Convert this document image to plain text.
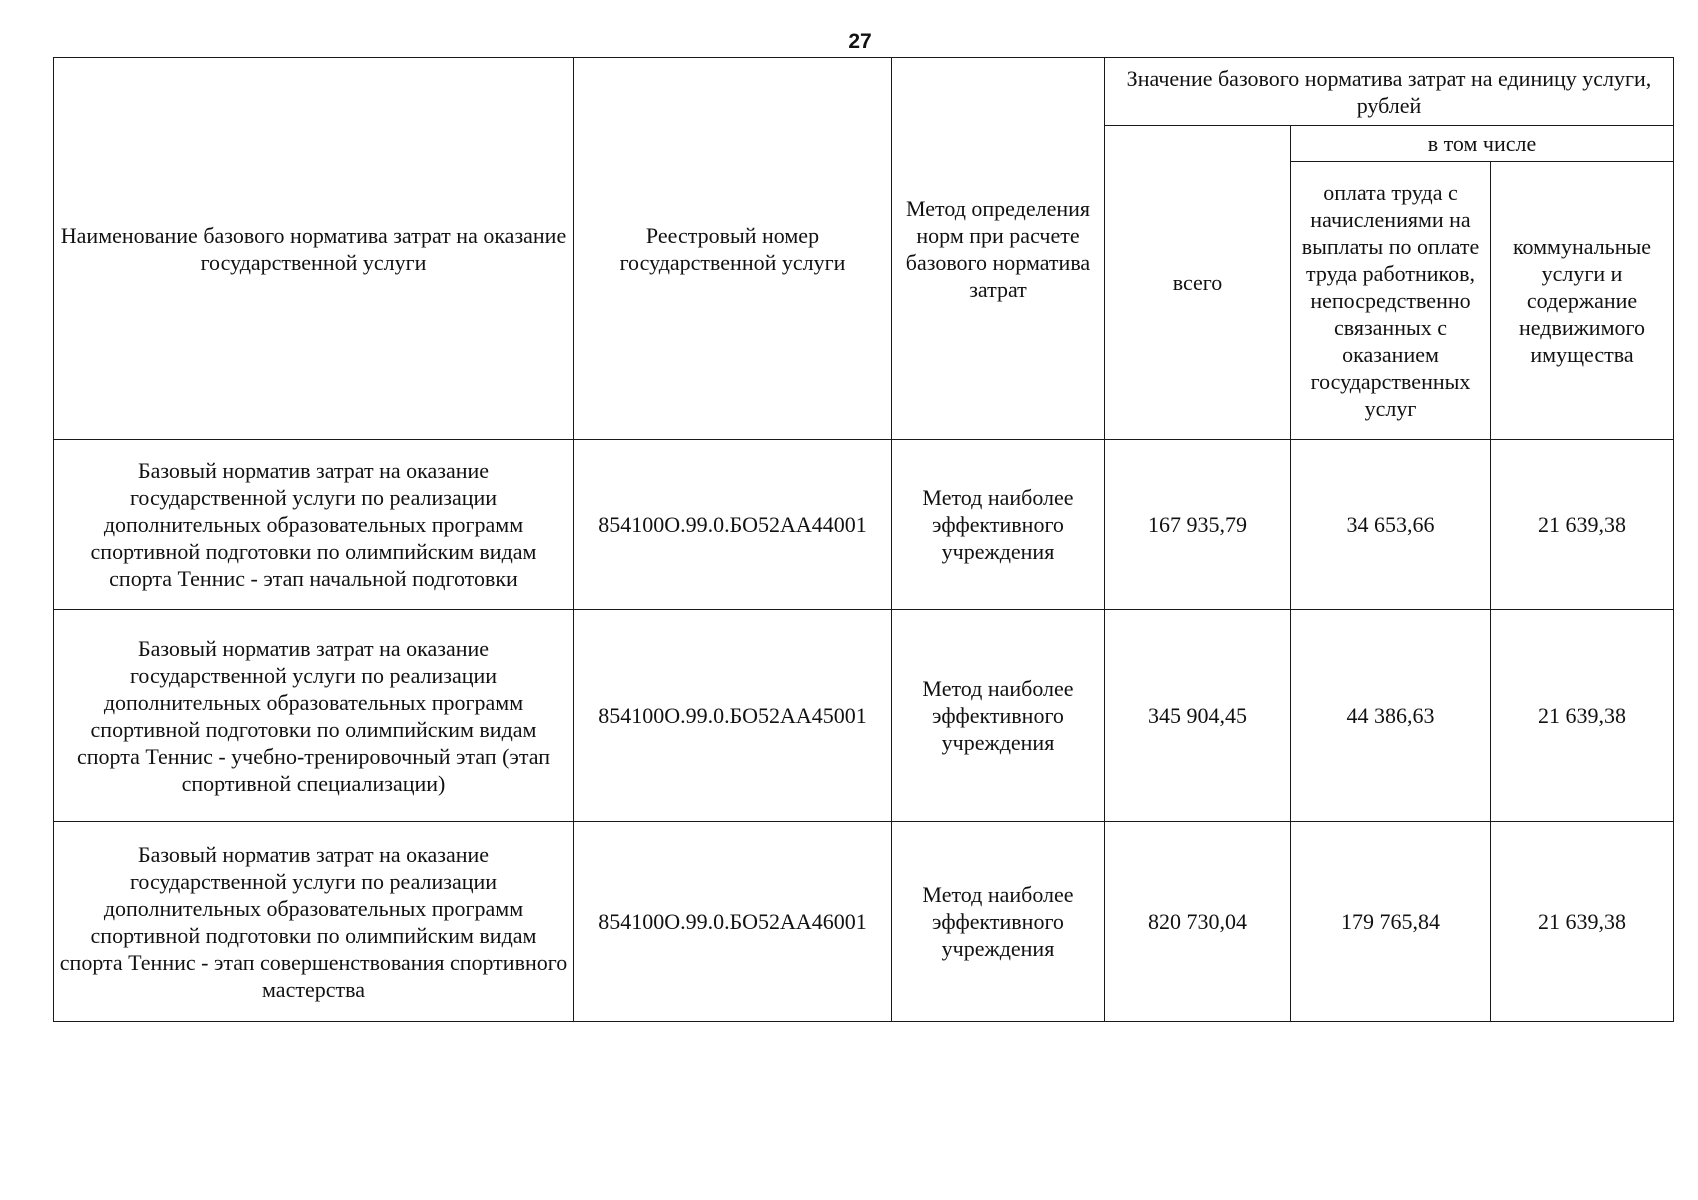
27
Наименование базового норматива затрат на оказание государственной услуги	Реестровый номер государственной услуги	Метод определения норм при расчете базового норматива затрат	Значение базового норматива затрат на единицу услуги, рублей		
			всего	в том числе	
				оплата труда с начислениями на выплаты по оплате труда работников, непосредственно связанных с оказанием государственных услуг	коммунальные услуги и содержание недвижимого имущества
Базовый норматив затрат на оказание государственной услуги по реализации дополнительных образовательных программ спортивной подготовки по олимпийским видам спорта Теннис - этап начальной подготовки	854100О.99.0.БО52АА44001	Метод наиболее эффективного учреждения	167 935,79	34 653,66	21 639,38
Базовый норматив затрат на оказание государственной услуги по реализации дополнительных образовательных программ спортивной подготовки по олимпийским видам спорта Теннис - учебно-тренировочный этап (этап спортивной специализации)	854100О.99.0.БО52АА45001	Метод наиболее эффективного учреждения	345 904,45	44 386,63	21 639,38
Базовый норматив затрат на оказание государственной услуги по реализации дополнительных образовательных программ спортивной подготовки по олимпийским видам спорта Теннис - этап совершенствования спортивного мастерства	854100О.99.0.БО52АА46001	Метод наиболее эффективного учреждения	820 730,04	179 765,84	21 639,38
